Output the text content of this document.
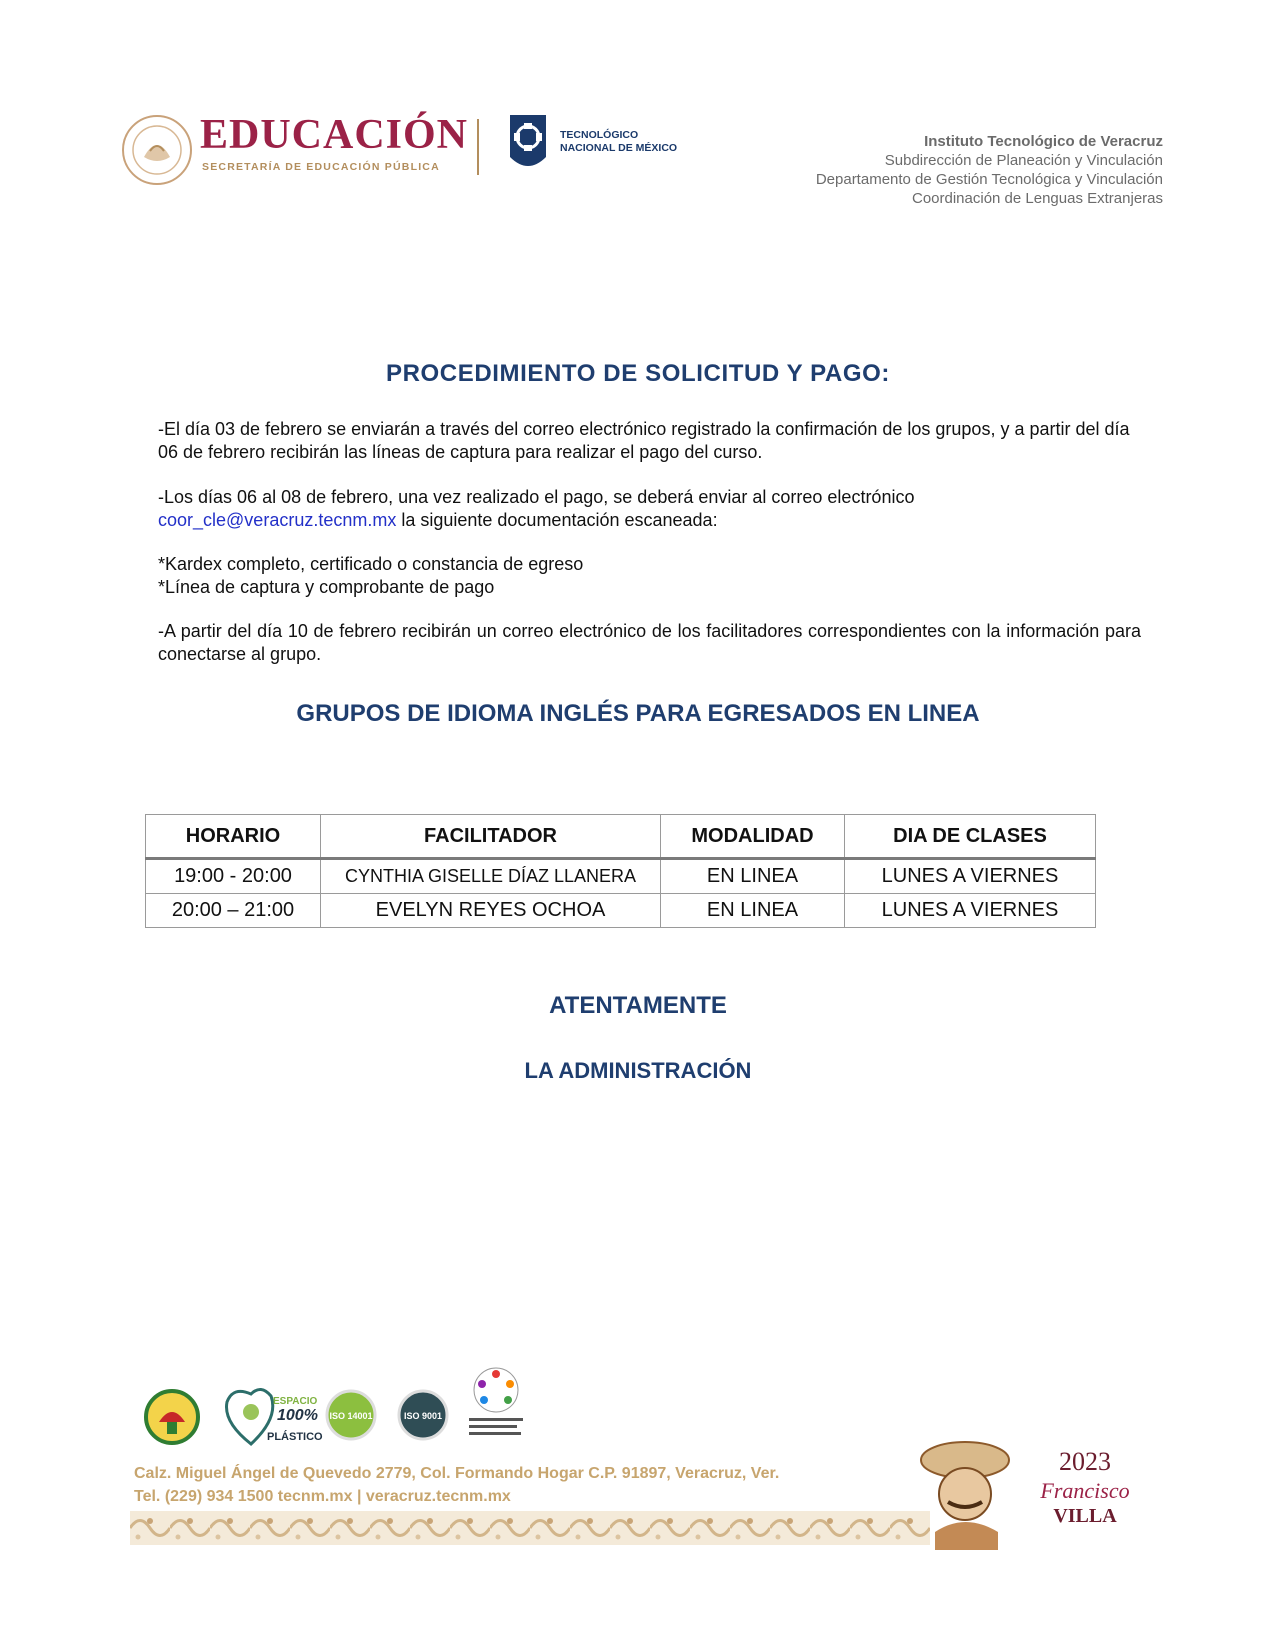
EDUCACIÓN
SECRETARÍA DE EDUCACIÓN PÚBLICA
TECNOLÓGICO
NACIONAL DE MÉXICO	Instituto Tecnológico de Veracruz
Subdirección de Planeación y Vinculación
Departamento de Gestión Tecnológica y Vinculación
Coordinación de Lenguas Extranjeras
PROCEDIMIENTO DE SOLICITUD Y PAGO:
-El día 03 de febrero se enviarán a través del correo electrónico registrado la confirmación de los grupos, y a partir del día 06 de febrero recibirán las líneas de captura para realizar el pago del curso.
-Los días 06 al 08 de febrero, una vez realizado el pago, se deberá enviar al correo electrónico
coor_cle@veracruz.tecnm.mx la siguiente documentación escaneada:
*Kardex completo, certificado o constancia de egreso
*Línea de captura y comprobante de pago
-A partir del día 10 de febrero recibirán un correo electrónico de los facilitadores correspondientes con la información para conectarse al grupo.
GRUPOS DE IDIOMA INGLÉS PARA EGRESADOS EN LINEA
HORARIO	FACILITADOR	MODALIDAD	DIA DE CLASES
19:00 - 20:00	CYNTHIA GISELLE DÍAZ LLANERA	EN LINEA	LUNES A VIERNES
20:00 – 21:00	EVELYN REYES OCHOA	EN LINEA	LUNES A VIERNES
ATENTAMENTE
LA ADMINISTRACIÓN
ESPACIO
100%
PLÁSTICO
ISO 14001	ISO 9001
Calz. Miguel Ángel de Quevedo 2779, Col. Formando Hogar C.P. 91897, Veracruz, Ver.
Tel. (229) 934 1500 tecnm.mx | veracruz.tecnm.mx
2023
Francisco
VILLA
